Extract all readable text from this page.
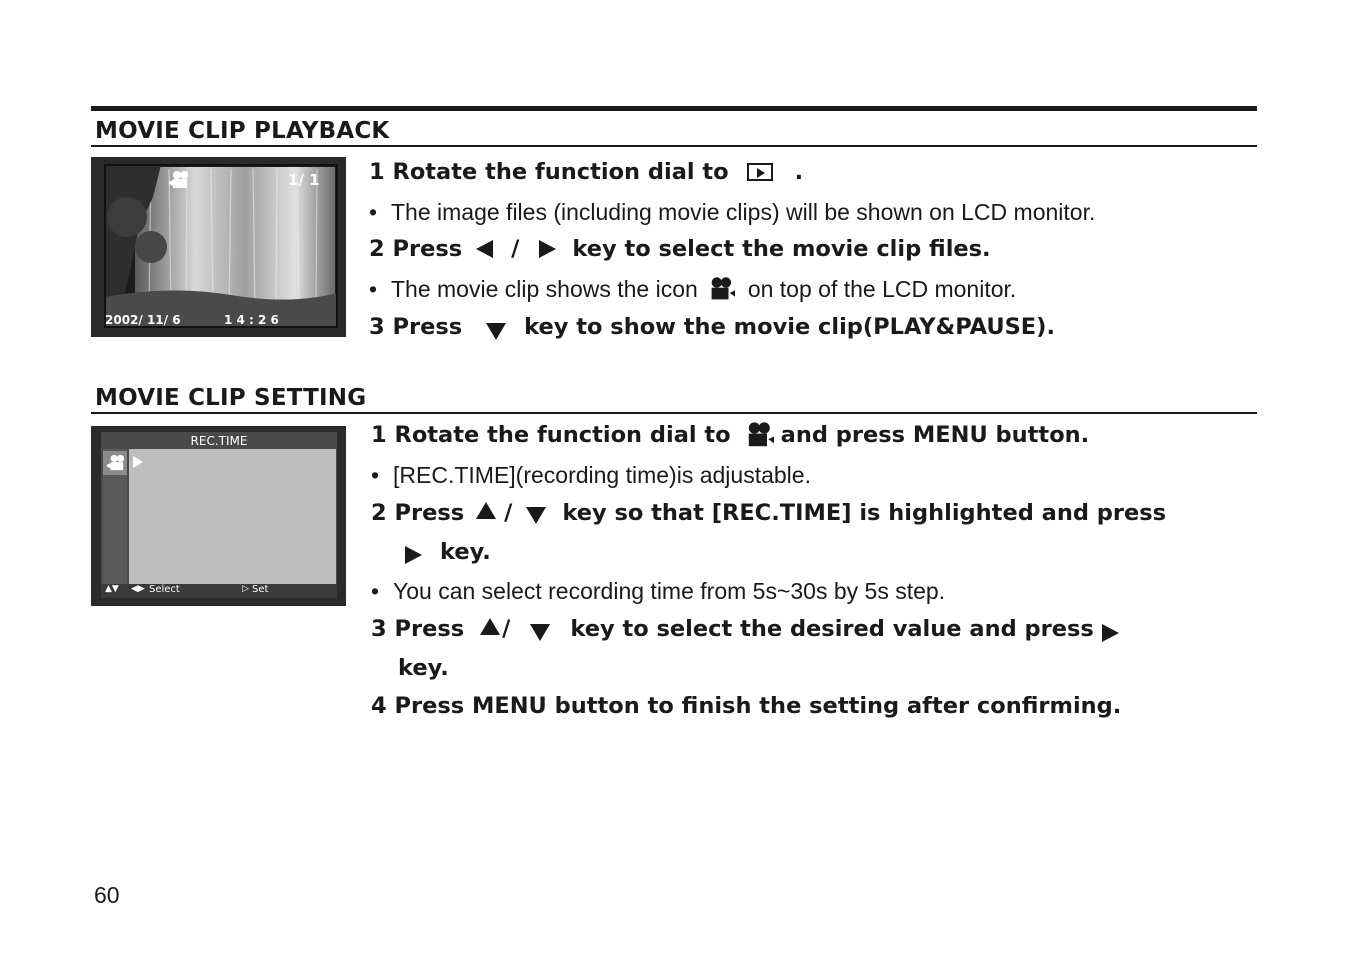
MOVIE CLIP PLAYBACK
1/ 1
2002/ 11/ 6	1 4 : 2 6
1
Rotate the function dial to	.
• The image files (including movie clips) will be shown on LCD monitor.
2
Press / key to select the movie clip files.
• The movie clip shows the icon on top of the LCD monitor.
3
Press	key to show the movie clip(PLAY&PAUSE).
MOVIE CLIP SETTING
REC.TIME
▲▼ ◀▶ Select	▷ Set
1
Rotate the function dial to and press MENU button.
• [REC.TIME](recording time)is adjustable.
2
Press / key so that [REC.TIME] is highlighted and press
key.
• You can select recording time from 5s~30s by 5s step.
3
Press /	key to select the desired value and press
key.
4
Press MENU button to finish the setting after confirming.
60
